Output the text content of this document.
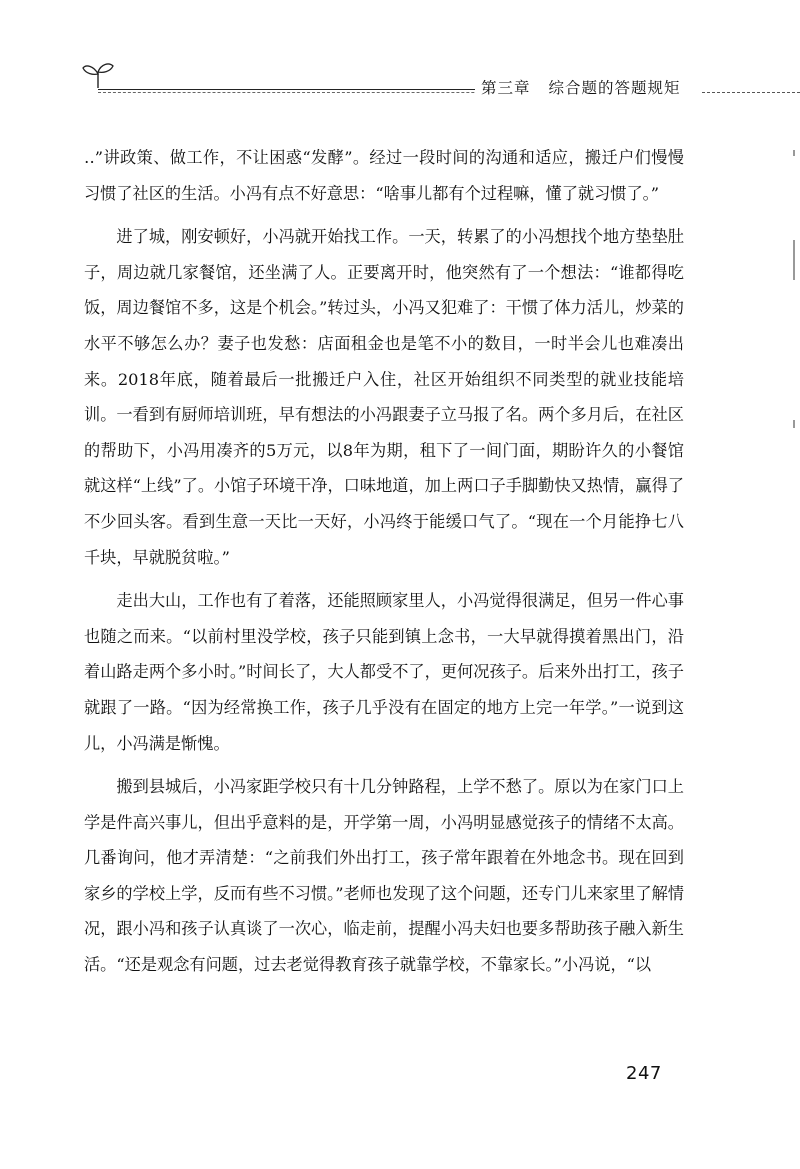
第三章 综合题的答题规矩

‥”讲政策、做工作，不让困惑“发酵”。经过一段时间的沟通和适应，搬迁户们慢慢习惯了社区的生活。小冯有点不好意思：“啥事儿都有个过程嘛，懂了就习惯了。”

进了城，刚安顿好，小冯就开始找工作。一天，转累了的小冯想找个地方垫垫肚子，周边就几家餐馆，还坐满了人。正要离开时，他突然有了一个想法：“谁都得吃饭，周边餐馆不多，这是个机会。”转过头，小冯又犯难了：干惯了体力活儿，炒菜的水平不够怎么办？妻子也发愁：店面租金也是笔不小的数目，一时半会儿也难凑出来。2018年底，随着最后一批搬迁户入住，社区开始组织不同类型的就业技能培训。一看到有厨师培训班，早有想法的小冯跟妻子立马报了名。两个多月后，在社区的帮助下，小冯用凑齐的5万元，以8年为期，租下了一间门面，期盼许久的小餐馆就这样“上线”了。小馆子环境干净，口味地道，加上两口子手脚勤快又热情，赢得了不少回头客。看到生意一天比一天好，小冯终于能缓口气了。“现在一个月能挣七八千块，早就脱贫啦。”

走出大山，工作也有了着落，还能照顾家里人，小冯觉得很满足，但另一件心事也随之而来。“以前村里没学校，孩子只能到镇上念书，一大早就得摸着黑出门，沿着山路走两个多小时。”时间长了，大人都受不了，更何况孩子。后来外出打工，孩子就跟了一路。“因为经常换工作，孩子几乎没有在固定的地方上完一年学。”一说到这儿，小冯满是惭愧。

搬到县城后，小冯家距学校只有十几分钟路程，上学不愁了。原以为在家门口上学是件高兴事儿，但出乎意料的是，开学第一周，小冯明显感觉孩子的情绪不太高。几番询问，他才弄清楚：“之前我们外出打工，孩子常年跟着在外地念书。现在回到家乡的学校上学，反而有些不习惯。”老师也发现了这个问题，还专门儿来家里了解情况，跟小冯和孩子认真谈了一次心，临走前，提醒小冯夫妇也要多帮助孩子融入新生活。“还是观念有问题，过去老觉得教育孩子就靠学校，不靠家长。”小冯说，“以

247
